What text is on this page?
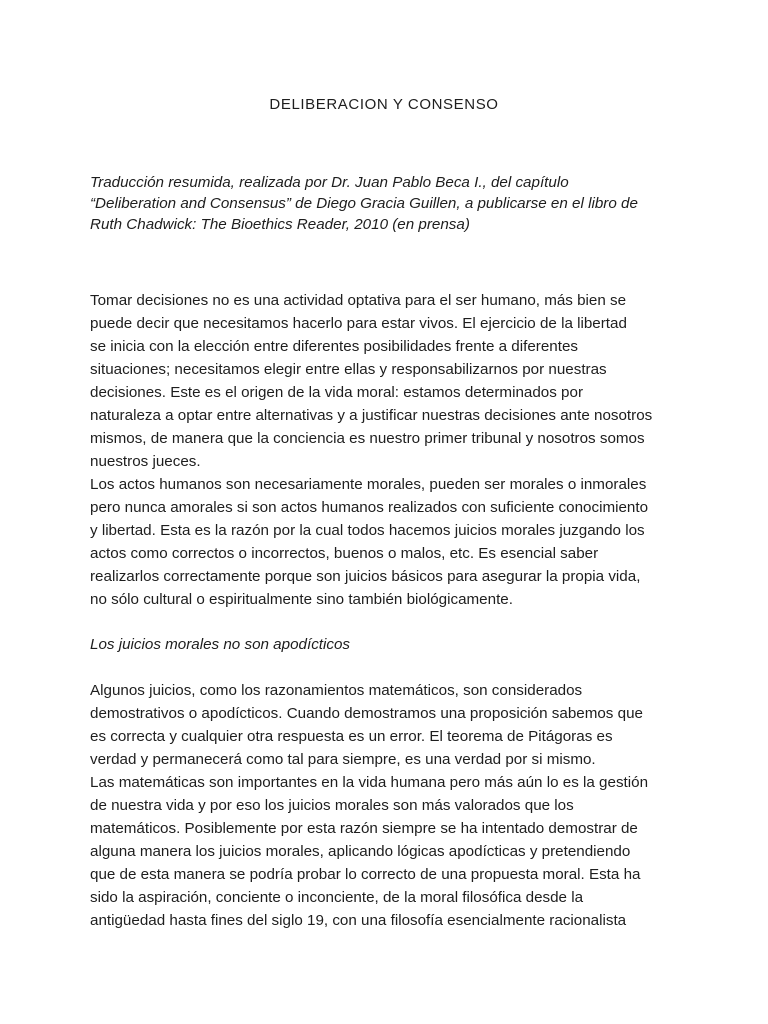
DELIBERACION Y CONSENSO

Traducción resumida, realizada por Dr. Juan Pablo Beca I., del capítulo
“Deliberation and Consensus” de Diego Gracia Guillen, a publicarse en el libro de
Ruth Chadwick: The Bioethics Reader, 2010 (en prensa)

Tomar decisiones no es una actividad optativa para el ser humano, más bien se
puede decir que necesitamos hacerlo para estar vivos. El ejercicio de la libertad
se inicia con la elección entre diferentes posibilidades frente a diferentes
situaciones; necesitamos elegir entre ellas y responsabilizarnos por nuestras
decisiones. Este es el origen de la vida moral: estamos determinados por
naturaleza a optar entre alternativas y a justificar nuestras decisiones ante nosotros
mismos, de manera que la conciencia es nuestro primer tribunal y nosotros somos
nuestros jueces.
Los actos humanos son necesariamente morales, pueden ser morales o inmorales
pero nunca amorales si son actos humanos realizados con suficiente conocimiento
y libertad. Esta es la razón por la cual todos hacemos juicios morales juzgando los
actos como correctos o incorrectos, buenos o malos, etc. Es esencial saber
realizarlos correctamente porque son juicios básicos para asegurar la propia vida,
no sólo cultural o espiritualmente sino también biológicamente.

Los juicios morales no son apodícticos

Algunos juicios, como los razonamientos matemáticos, son considerados
demostrativos o apodícticos. Cuando demostramos una proposición sabemos que
es correcta y cualquier otra respuesta es un error. El teorema de Pitágoras es
verdad y permanecerá como tal para siempre, es una verdad por si mismo.
Las matemáticas son importantes en la vida humana pero más aún lo es la gestión
de nuestra vida y por eso los juicios morales son más valorados que los
matemáticos. Posiblemente por esta razón siempre se ha intentado demostrar de
alguna manera los juicios morales, aplicando lógicas apodícticas y pretendiendo
que de esta manera se podría probar lo correcto de una propuesta moral. Esta ha
sido la aspiración, conciente o inconciente, de la moral filosófica desde la
antigüedad hasta fines del siglo 19, con una filosofía esencialmente racionalista
